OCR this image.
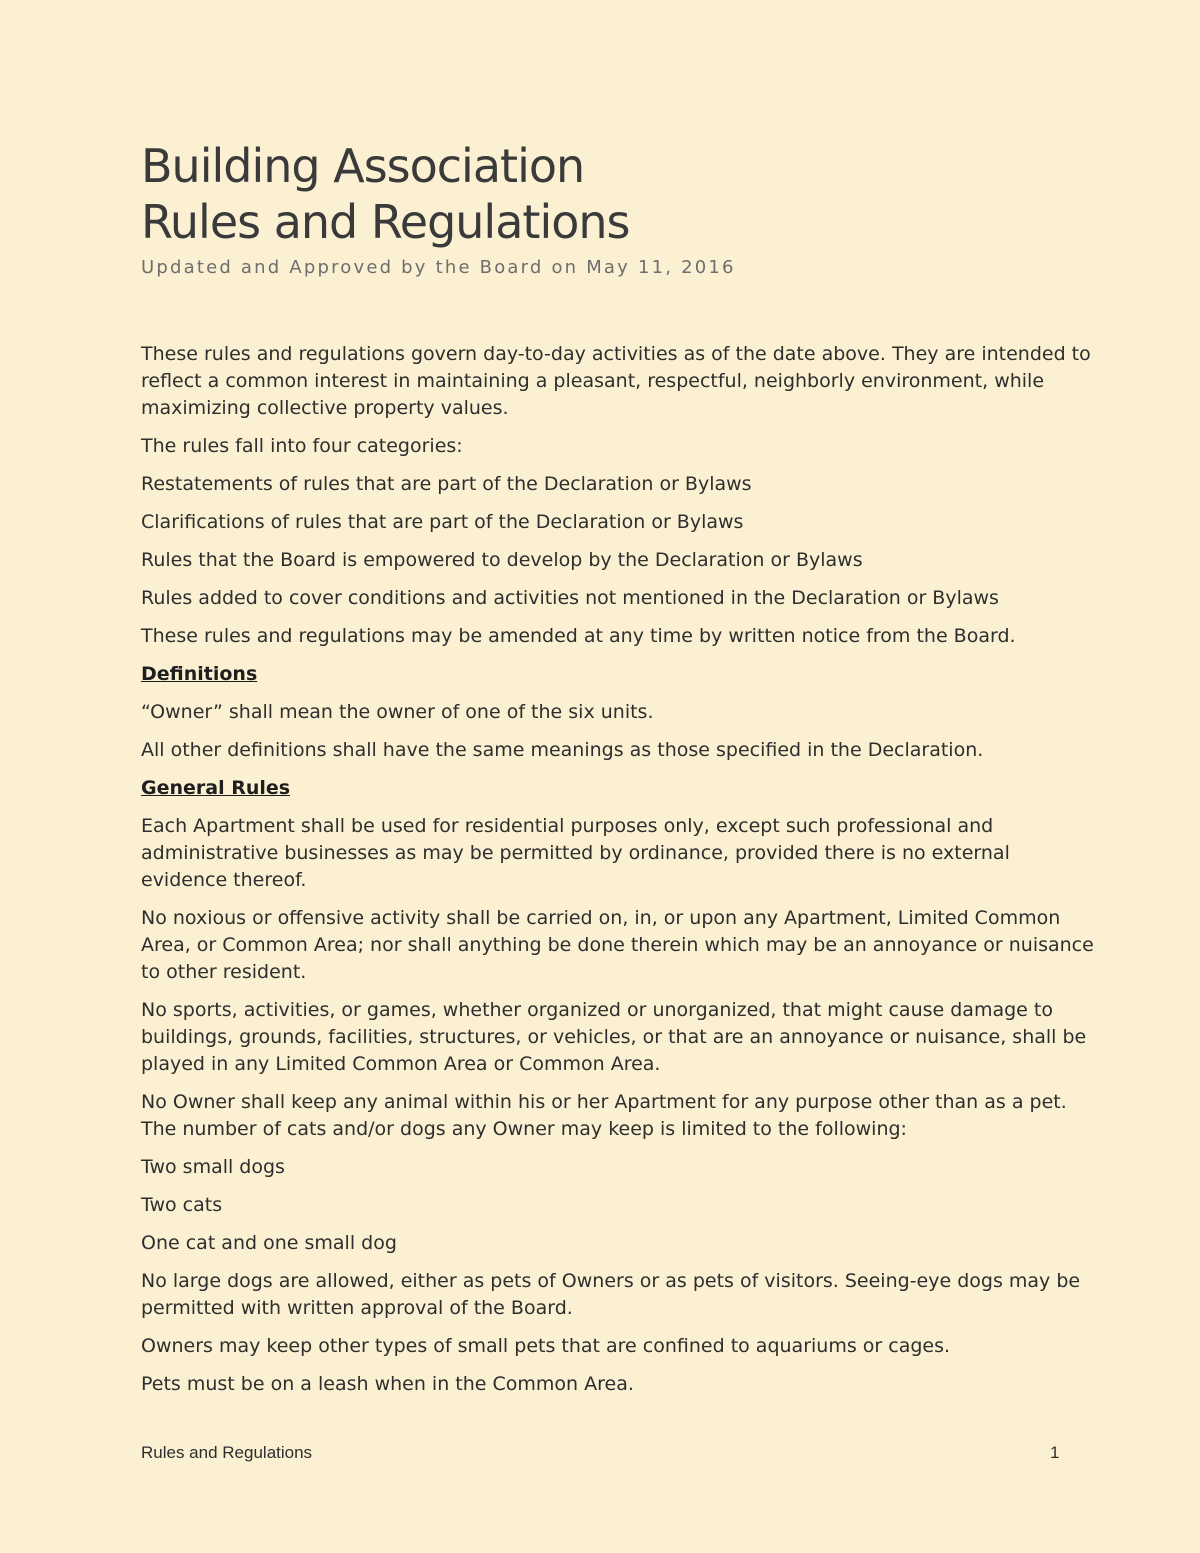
Building Association
Rules and Regulations
Updated and Approved by the Board on May 11, 2016

These rules and regulations govern day-to-day activities as of the date above. They are intended to reflect a common interest in maintaining a pleasant, respectful, neighborly environment, while maximizing collective property values.

The rules fall into four categories:

Restatements of rules that are part of the Declaration or Bylaws

Clarifications of rules that are part of the Declaration or Bylaws

Rules that the Board is empowered to develop by the Declaration or Bylaws

Rules added to cover conditions and activities not mentioned in the Declaration or Bylaws

These rules and regulations may be amended at any time by written notice from the Board.

Definitions

“Owner” shall mean the owner of one of the six units.

All other definitions shall have the same meanings as those specified in the Declaration.

General Rules

Each Apartment shall be used for residential purposes only, except such professional and administrative businesses as may be permitted by ordinance, provided there is no external evidence thereof.

No noxious or offensive activity shall be carried on, in, or upon any Apartment, Limited Common Area, or Common Area; nor shall anything be done therein which may be an annoyance or nuisance to other resident.

No sports, activities, or games, whether organized or unorganized, that might cause damage to buildings, grounds, facilities, structures, or vehicles, or that are an annoyance or nuisance, shall be played in any Limited Common Area or Common Area.

No Owner shall keep any animal within his or her Apartment for any purpose other than as a pet. The number of cats and/or dogs any Owner may keep is limited to the following:

Two small dogs

Two cats

One cat and one small dog

No large dogs are allowed, either as pets of Owners or as pets of visitors. Seeing-eye dogs may be permitted with written approval of the Board.

Owners may keep other types of small pets that are confined to aquariums or cages.

Pets must be on a leash when in the Common Area.

Rules and Regulations	1
